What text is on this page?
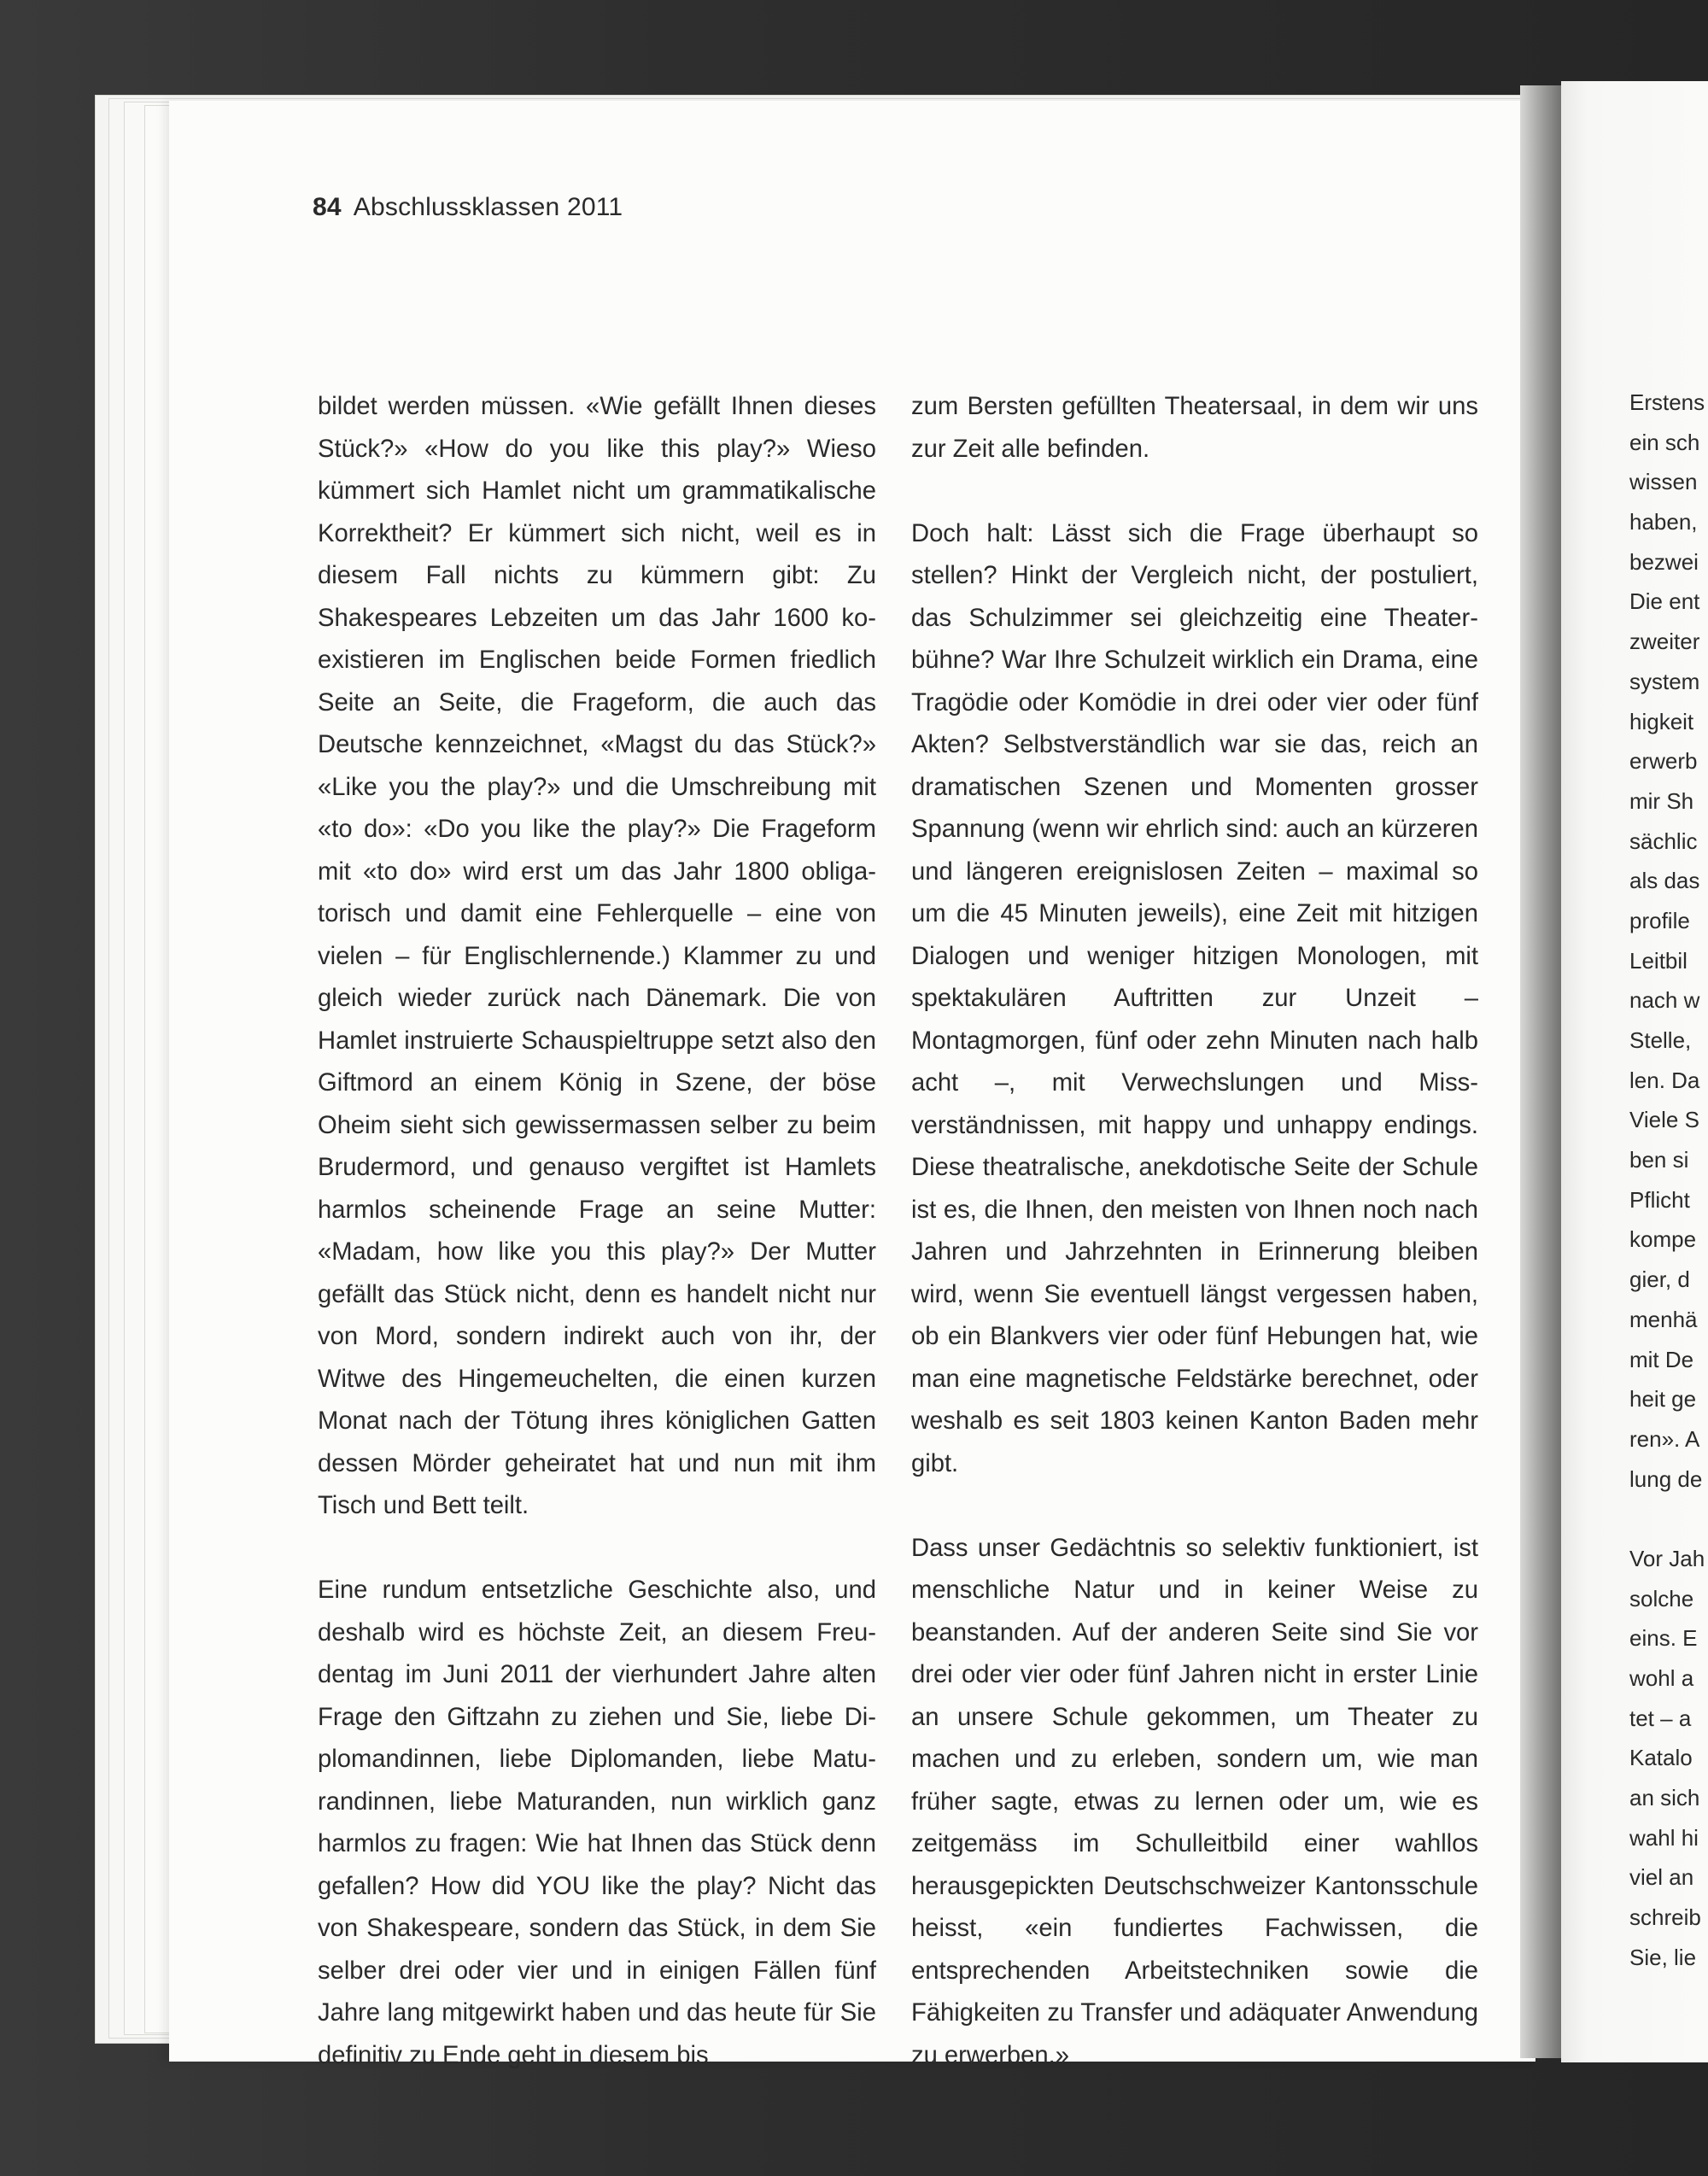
84 Abschlussklassen 2011

bildet werden müssen. «Wie gefällt Ihnen dieses Stück?» «How do you like this play?» Wieso kümmert sich Hamlet nicht um grammatikalische Korrektheit? Er kümmert sich nicht, weil es in diesem Fall nichts zu kümmern gibt: Zu Shakespeares Lebzeiten um das Jahr 1600 koexistieren im Englischen beide Formen friedlich Seite an Seite, die Frageform, die auch das Deutsche kennzeichnet, «Magst du das Stück?» «Like you the play?» und die Umschreibung mit «to do»: «Do you like the play?» Die Frageform mit «to do» wird erst um das Jahr 1800 obligatorisch und damit eine Fehlerquelle – eine von vielen – für Englischlernende.) Klammer zu und gleich wieder zurück nach Dänemark. Die von Hamlet instruierte Schauspieltruppe setzt also den Giftmord an einem König in Szene, der böse Oheim sieht sich gewissermassen selber zu beim Brudermord, und genauso vergiftet ist Hamlets harmlos scheinende Frage an seine Mutter: «Madam, how like you this play?» Der Mutter gefällt das Stück nicht, denn es handelt nicht nur von Mord, sondern indirekt auch von ihr, der Witwe des Hingemeuchelten, die einen kurzen Monat nach der Tötung ihres königlichen Gatten dessen Mörder geheiratet hat und nun mit ihm Tisch und Bett teilt.

Eine rundum entsetzliche Geschichte also, und deshalb wird es höchste Zeit, an diesem Freudentag im Juni 2011 der vierhundert Jahre alten Frage den Giftzahn zu ziehen und Sie, liebe Diplomandinnen, liebe Diplomanden, liebe Maturandinnen, liebe Maturanden, nun wirklich ganz harmlos zu fragen: Wie hat Ihnen das Stück denn gefallen? How did YOU like the play? Nicht das von Shakespeare, sondern das Stück, in dem Sie selber drei oder vier und in einigen Fällen fünf Jahre lang mitgewirkt haben und das heute für Sie definitiv zu Ende geht in diesem bis

zum Bersten gefüllten Theatersaal, in dem wir uns zur Zeit alle befinden.

Doch halt: Lässt sich die Frage überhaupt so stellen? Hinkt der Vergleich nicht, der postuliert, das Schulzimmer sei gleichzeitig eine Theaterbühne? War Ihre Schulzeit wirklich ein Drama, eine Tragödie oder Komödie in drei oder vier oder fünf Akten? Selbstverständlich war sie das, reich an dramatischen Szenen und Momenten grosser Spannung (wenn wir ehrlich sind: auch an kürzeren und längeren ereignislosen Zeiten – maximal so um die 45 Minuten jeweils), eine Zeit mit hitzigen Dialogen und weniger hitzigen Monologen, mit spektakulären Auftritten zur Unzeit – Montagmorgen, fünf oder zehn Minuten nach halb acht –, mit Verwechslungen und Missverständnissen, mit happy und unhappy endings. Diese theatralische, anekdotische Seite der Schule ist es, die Ihnen, den meisten von Ihnen noch nach Jahren und Jahrzehnten in Erinnerung bleiben wird, wenn Sie eventuell längst vergessen haben, ob ein Blankvers vier oder fünf Hebungen hat, wie man eine magnetische Feldstärke berechnet, oder weshalb es seit 1803 keinen Kanton Baden mehr gibt.

Dass unser Gedächtnis so selektiv funktioniert, ist menschliche Natur und in keiner Weise zu beanstanden. Auf der anderen Seite sind Sie vor drei oder vier oder fünf Jahren nicht in erster Linie an unsere Schule gekommen, um Theater zu machen und zu erleben, sondern um, wie man früher sagte, etwas zu lernen oder um, wie es zeitgemäss im Schulleitbild einer wahllos herausgepickten Deutschschweizer Kantonsschule heisst, «ein fundiertes Fachwissen, die entsprechenden Arbeitstechniken sowie die Fähigkeiten zu Transfer und adäquater Anwendung zu erwerben.»

Erstens
ein sch
wissen
haben,
bezwei
Die ent
zweiter
system
higkeit
erwerb
mir Sh
sächlic
als das
profile
Leitbil
nach w
Stelle,
len. Da
Viele S
ben si
Pflicht
kompe
gier, d
menhä
mit De
heit ge
ren». A
lung de
Vor Jah
solche
eins. E
wohl a
tet – a
Katalo
an sich
wahl hi
viel an
schreib
Sie, lie
